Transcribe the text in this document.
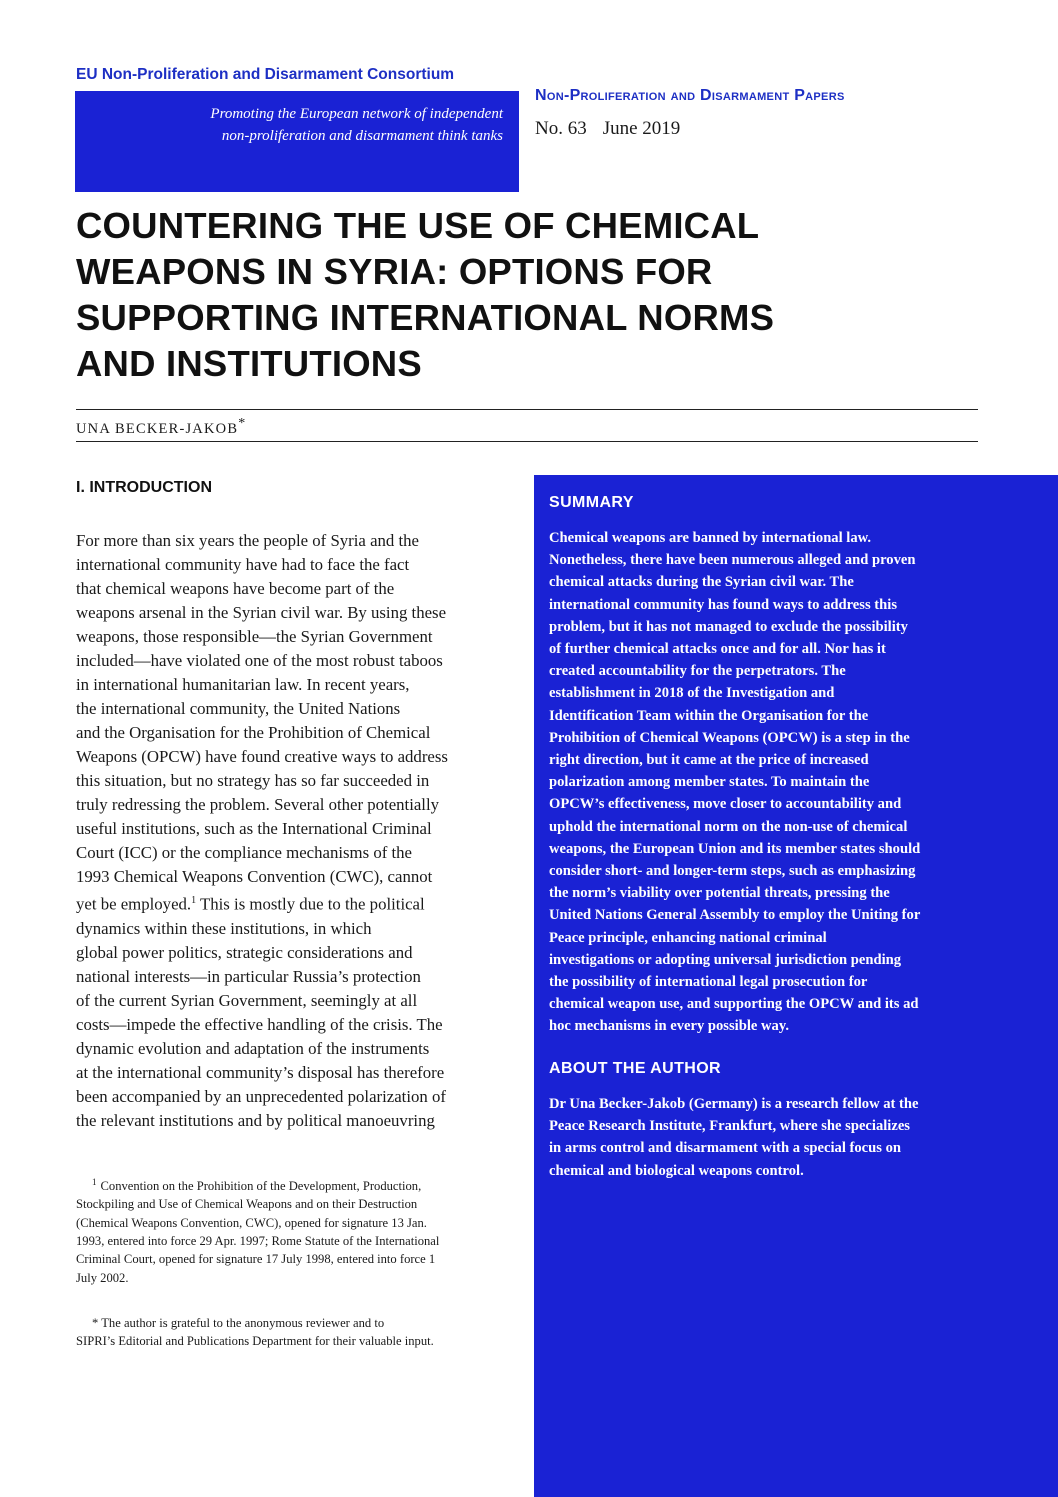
EU Non-Proliferation and Disarmament Consortium
Promoting the European network of independent
non-proliferation and disarmament think tanks
Non-Proliferation and Disarmament Papers
No. 63 June 2019
COUNTERING THE USE OF CHEMICAL
WEAPONS IN SYRIA: OPTIONS FOR
SUPPORTING INTERNATIONAL NORMS
AND INSTITUTIONS
UNA BECKER-JAKOB*
I. INTRODUCTION
For more than six years the people of Syria and the
international community have had to face the fact
that chemical weapons have become part of the
weapons arsenal in the Syrian civil war. By using these
weapons, those responsible—the Syrian Government
included—have violated one of the most robust taboos
in international humanitarian law. In recent years,
the international community, the United Nations
and the Organisation for the Prohibition of Chemical
Weapons (OPCW) have found creative ways to address
this situation, but no strategy has so far succeeded in
truly redressing the problem. Several other potentially
useful institutions, such as the International Criminal
Court (ICC) or the compliance mechanisms of the
1993 Chemical Weapons Convention (CWC), cannot
yet be employed.$^1$ This is mostly due to the political
dynamics within these institutions, in which
global power politics, strategic considerations and
national interests—in particular Russia’s protection
of the current Syrian Government, seemingly at all
costs—impede the effective handling of the crisis. The
dynamic evolution and adaptation of the instruments
at the international community’s disposal has therefore
been accompanied by an unprecedented polarization of
the relevant institutions and by political manoeuvring
$^1$ Convention on the Prohibition of the Development, Production,
Stockpiling and Use of Chemical Weapons and on their Destruction
(Chemical Weapons Convention, CWC), opened for signature 13 Jan.
1993, entered into force 29 Apr. 1997; Rome Statute of the International
Criminal Court, opened for signature 17 July 1998, entered into force 1
July 2002.
* The author is grateful to the anonymous reviewer and to
SIPRI’s Editorial and Publications Department for their valuable input.
SUMMARY
Chemical weapons are banned by international law.
Nonetheless, there have been numerous alleged and proven
chemical attacks during the Syrian civil war. The
international community has found ways to address this
problem, but it has not managed to exclude the possibility
of further chemical attacks once and for all. Nor has it
created accountability for the perpetrators. The
establishment in 2018 of the Investigation and
Identification Team within the Organisation for the
Prohibition of Chemical Weapons (OPCW) is a step in the
right direction, but it came at the price of increased
polarization among member states. To maintain the
OPCW’s effectiveness, move closer to accountability and
uphold the international norm on the non-use of chemical
weapons, the European Union and its member states should
consider short- and longer-term steps, such as emphasizing
the norm’s viability over potential threats, pressing the
United Nations General Assembly to employ the Uniting for
Peace principle, enhancing national criminal
investigations or adopting universal jurisdiction pending
the possibility of international legal prosecution for
chemical weapon use, and supporting the OPCW and its ad
hoc mechanisms in every possible way.
ABOUT THE AUTHOR
Dr Una Becker-Jakob (Germany) is a research fellow at the
Peace Research Institute, Frankfurt, where she specializes
in arms control and disarmament with a special focus on
chemical and biological weapons control.
